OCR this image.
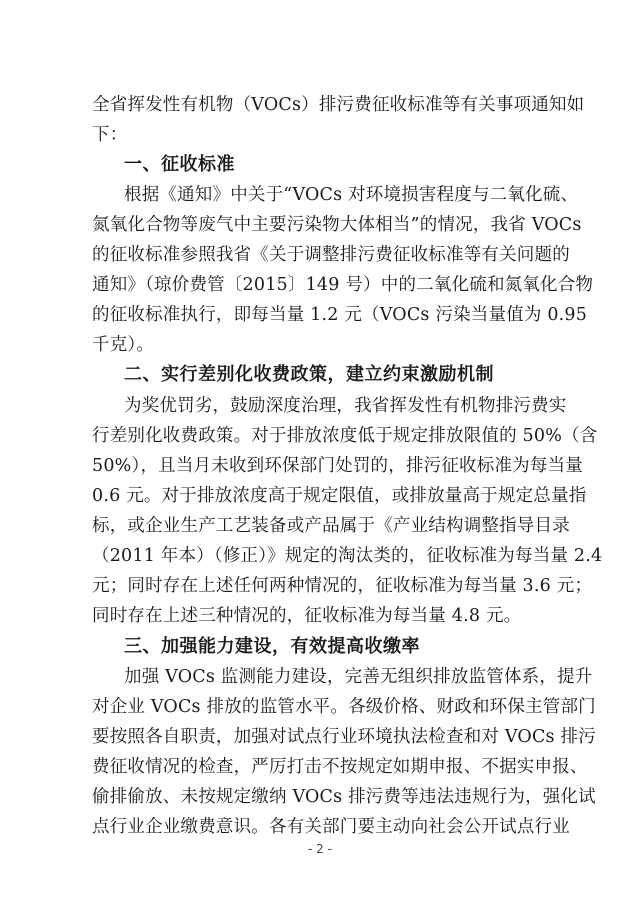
全省挥发性有机物（VOCs）排污费征收标准等有关事项通知如
下：
一、征收标准
根据《通知》中关于“VOCs 对环境损害程度与二氧化硫、
氮氧化合物等废气中主要污染物大体相当”的情况，我省 VOCs
的征收标准参照我省《关于调整排污费征收标准等有关问题的
通知》（琼价费管〔2015〕149 号）中的二氧化硫和氮氧化合物
的征收标准执行，即每当量 1.2 元（VOCs 污染当量值为 0.95
千克）。
二、实行差别化收费政策，建立约束激励机制
为奖优罚劣，鼓励深度治理，我省挥发性有机物排污费实
行差别化收费政策。对于排放浓度低于规定排放限值的 50%（含
50%），且当月未收到环保部门处罚的，排污征收标准为每当量
0.6 元。对于排放浓度高于规定限值，或排放量高于规定总量指
标，或企业生产工艺装备或产品属于《产业结构调整指导目录
（2011 年本）（修正）》规定的淘汰类的，征收标准为每当量 2.4
元；同时存在上述任何两种情况的，征收标准为每当量 3.6 元；
同时存在上述三种情况的，征收标准为每当量 4.8 元。
三、加强能力建设，有效提高收缴率
加强 VOCs 监测能力建设，完善无组织排放监管体系，提升
对企业 VOCs 排放的监管水平。各级价格、财政和环保主管部门
要按照各自职责，加强对试点行业环境执法检查和对 VOCs 排污
费征收情况的检查，严厉打击不按规定如期申报、不据实申报、
偷排偷放、未按规定缴纳 VOCs 排污费等违法违规行为，强化试
点行业企业缴费意识。各有关部门要主动向社会公开试点行业
- 2 -
